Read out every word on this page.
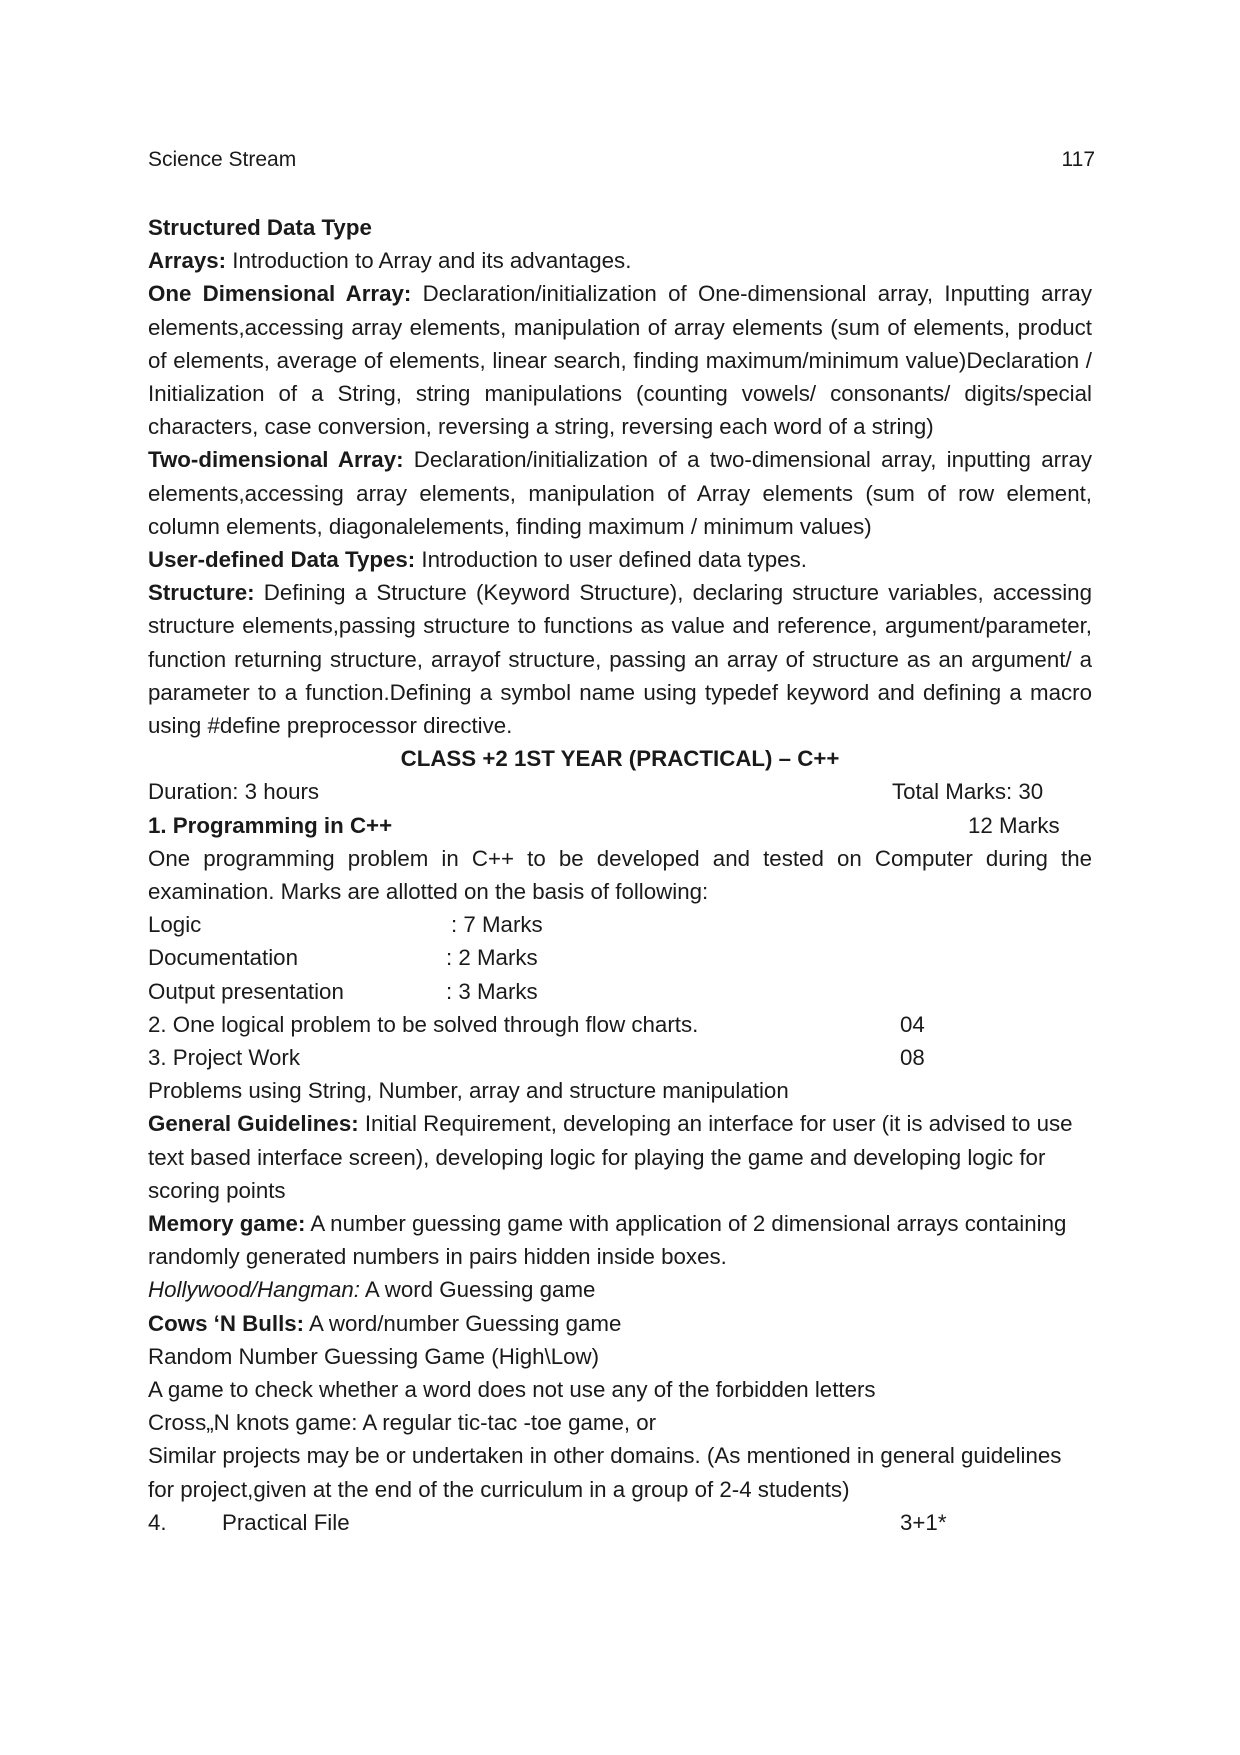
Science Stream	117

Structured Data Type

Arrays: Introduction to Array and its advantages.

One Dimensional Array: Declaration/initialization of One-dimensional array, Inputting array elements,accessing array elements, manipulation of array elements (sum of elements, product of elements, average of elements, linear search, finding maximum/minimum value)Declaration / Initialization of a String, string manipulations (counting vowels/ consonants/ digits/special characters, case conversion, reversing a string, reversing each word of a string)

Two-dimensional Array: Declaration/initialization of a two-dimensional array, inputting array elements,accessing array elements, manipulation of Array elements (sum of row element, column elements, diagonalelements, finding maximum / minimum values)

User-defined Data Types: Introduction to user defined data types.

Structure: Defining a Structure (Keyword Structure), declaring structure variables, accessing structure elements,passing structure to functions as value and reference, argument/parameter, function returning structure, arrayof structure, passing an array of structure as an argument/ a parameter to a function.Defining a symbol name using typedef keyword and defining a macro using #define preprocessor directive.

CLASS +2 1ST YEAR (PRACTICAL) – C++

Duration: 3 hours	Total Marks: 30
1. Programming in C++	12 Marks

One programming problem in C++ to be developed and tested on Computer during the examination. Marks are allotted on the basis of following:

Logic	: 7 Marks
Documentation	: 2 Marks
Output presentation	: 3 Marks
2. One logical problem to be solved through flow charts.	04
3. Project Work	08

Problems using String, Number, array and structure manipulation

General Guidelines: Initial Requirement, developing an interface for user (it is advised to use text based interface screen), developing logic for playing the game and developing logic for scoring points

Memory game: A number guessing game with application of 2 dimensional arrays containing randomly generated numbers in pairs hidden inside boxes.

Hollywood/Hangman: A word Guessing game

Cows ‘N Bulls: A word/number Guessing game

Random Number Guessing Game (High\Low)

A game to check whether a word does not use any of the forbidden letters

Cross„N knots game: A regular tic-tac -toe game, or

Similar projects may be or undertaken in other domains. (As mentioned in general guidelines for project,given at the end of the curriculum in a group of 2-4 students)

4. Practical File	3+1*
